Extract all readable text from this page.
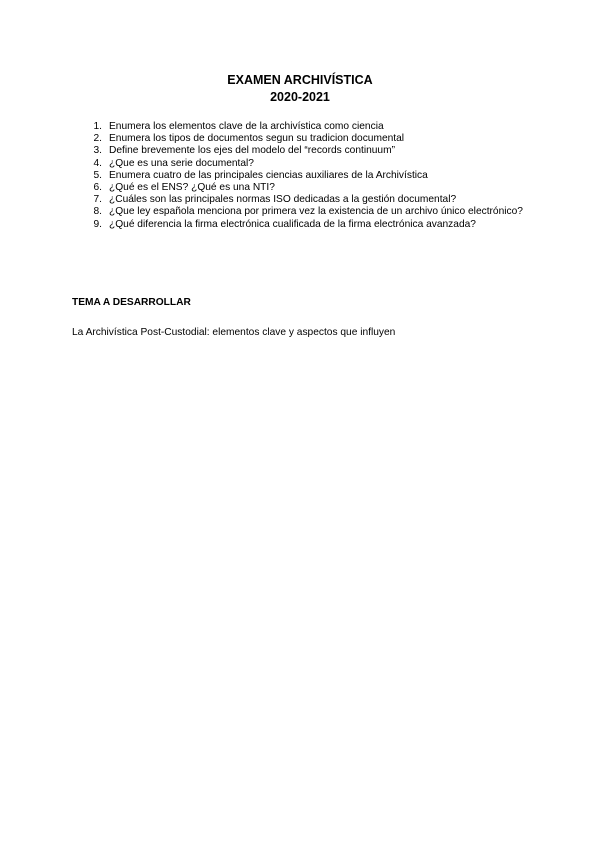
EXAMEN ARCHIVÍSTICA
2020-2021
1. Enumera los elementos clave de la archivística como ciencia
2. Enumera los tipos de documentos segun su tradicion documental
3. Define brevemente los ejes del modelo del “records continuum”
4. ¿Que es una serie documental?
5. Enumera cuatro de las principales ciencias auxiliares de la Archivística
6. ¿Qué es el ENS? ¿Qué es una NTI?
7. ¿Cuáles son las principales normas ISO dedicadas a la gestión documental?
8. ¿Que ley española menciona por primera vez la existencia de un archivo único electrónico?
9. ¿Qué diferencia la firma electrónica cualificada de la firma electrónica avanzada?
TEMA A DESARROLLAR
La Archivística Post-Custodial: elementos clave y aspectos que influyen
